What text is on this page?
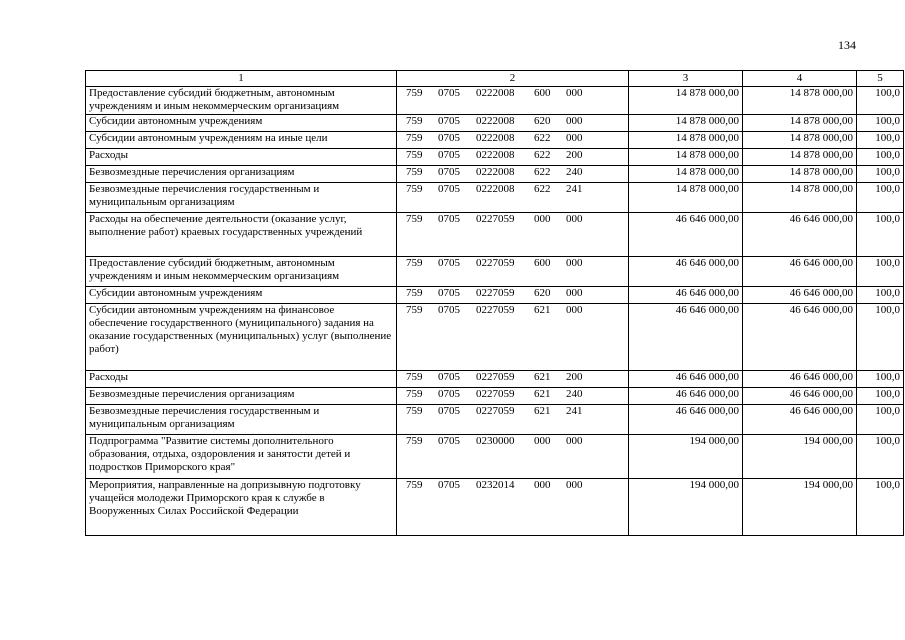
134
1	2	3	4	5
Предоставление субсидий бюджетным, автономным учреждениям и иным некоммерческим организациям	759 0705 0222008 600 000	14 878 000,00	14 878 000,00	100,0
Субсидии автономным учреждениям	759 0705 0222008 620 000	14 878 000,00	14 878 000,00	100,0
Субсидии автономным учреждениям на иные цели	759 0705 0222008 622 000	14 878 000,00	14 878 000,00	100,0
Расходы	759 0705 0222008 622 200	14 878 000,00	14 878 000,00	100,0
Безвозмездные перечисления организациям	759 0705 0222008 622 240	14 878 000,00	14 878 000,00	100,0
Безвозмездные перечисления государственным и муниципальным организациям	759 0705 0222008 622 241	14 878 000,00	14 878 000,00	100,0
Расходы на обеспечение деятельности (оказание услуг, выполнение работ) краевых государственных учреждений	759 0705 0227059 000 000	46 646 000,00	46 646 000,00	100,0
Предоставление субсидий бюджетным, автономным учреждениям и иным некоммерческим организациям	759 0705 0227059 600 000	46 646 000,00	46 646 000,00	100,0
Субсидии автономным учреждениям	759 0705 0227059 620 000	46 646 000,00	46 646 000,00	100,0
Субсидии автономным учреждениям на финансовое обеспечение государственного (муниципального) задания на оказание государственных (муниципальных) услуг (выполнение работ)	759 0705 0227059 621 000	46 646 000,00	46 646 000,00	100,0
Расходы	759 0705 0227059 621 200	46 646 000,00	46 646 000,00	100,0
Безвозмездные перечисления организациям	759 0705 0227059 621 240	46 646 000,00	46 646 000,00	100,0
Безвозмездные перечисления государственным и муниципальным организациям	759 0705 0227059 621 241	46 646 000,00	46 646 000,00	100,0
Подпрограмма "Развитие системы дополнительного образования, отдыха, оздоровления и занятости детей и подростков Приморского края"	759 0705 0230000 000 000	194 000,00	194 000,00	100,0
Мероприятия, направленные на допризывную подготовку учащейся молодежи Приморского края к службе в Вооруженных Силах Российской Федерации	759 0705 0232014 000 000	194 000,00	194 000,00	100,0
